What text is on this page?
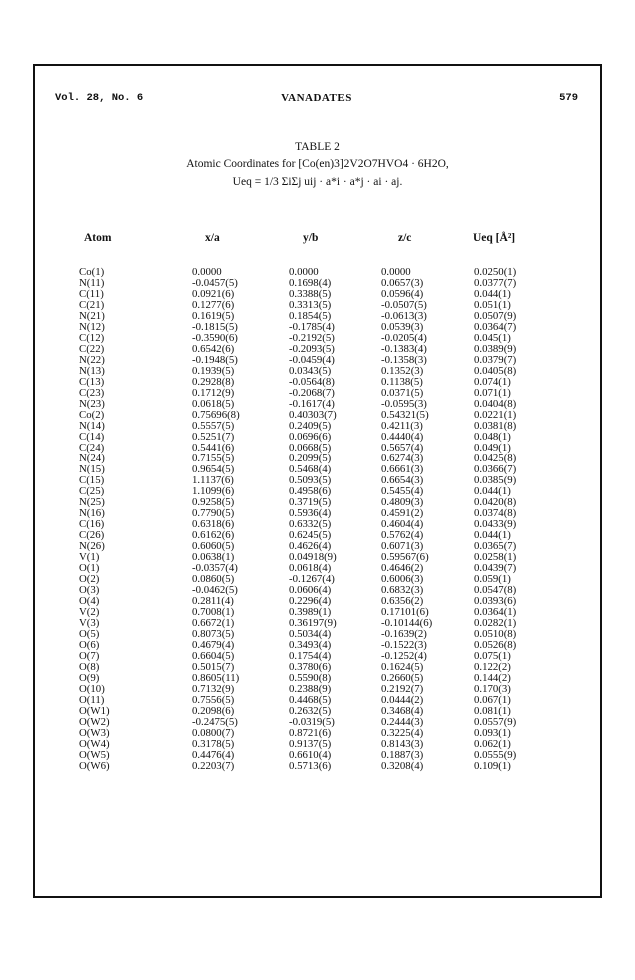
Vol. 28, No. 6	VANADATES	579
TABLE 2
Atomic Coordinates for [Co(en)3]2V2O7HVO4 · 6H2O,
Ueq = 1/3 ΣiΣj uij · a*i · a*j · ai · aj.
Atom	x/a	y/b	z/c	Ueq [Å²]
Co(1)	0.0000	0.0000	0.0000	0.0250(1)
N(11)	-0.0457(5)	0.1698(4)	0.0657(3)	0.0377(7)
C(11)	0.0921(6)	0.3388(5)	0.0596(4)	0.044(1)
C(21)	0.1277(6)	0.3313(5)	-0.0507(5)	0.051(1)
N(21)	0.1619(5)	0.1854(5)	-0.0613(3)	0.0507(9)
N(12)	-0.1815(5)	-0.1785(4)	0.0539(3)	0.0364(7)
C(12)	-0.3590(6)	-0.2192(5)	-0.0205(4)	0.045(1)
C(22)	0.6542(6)	-0.2093(5)	-0.1383(4)	0.0389(9)
N(22)	-0.1948(5)	-0.0459(4)	-0.1358(3)	0.0379(7)
N(13)	0.1939(5)	0.0343(5)	0.1352(3)	0.0405(8)
C(13)	0.2928(8)	-0.0564(8)	0.1138(5)	0.074(1)
C(23)	0.1712(9)	-0.2068(7)	0.0371(5)	0.071(1)
N(23)	0.0618(5)	-0.1617(4)	-0.0595(3)	0.0404(8)
Co(2)	0.75696(8)	0.40303(7)	0.54321(5)	0.0221(1)
N(14)	0.5557(5)	0.2409(5)	0.4211(3)	0.0381(8)
C(14)	0.5251(7)	0.0696(6)	0.4440(4)	0.048(1)
C(24)	0.5441(6)	0.0668(5)	0.5657(4)	0.049(1)
N(24)	0.7155(5)	0.2099(5)	0.6274(3)	0.0425(8)
N(15)	0.9654(5)	0.5468(4)	0.6661(3)	0.0366(7)
C(15)	1.1137(6)	0.5093(5)	0.6654(3)	0.0385(9)
C(25)	1.1099(6)	0.4958(6)	0.5455(4)	0.044(1)
N(25)	0.9258(5)	0.3719(5)	0.4809(3)	0.0420(8)
N(16)	0.7790(5)	0.5936(4)	0.4591(2)	0.0374(8)
C(16)	0.6318(6)	0.6332(5)	0.4604(4)	0.0433(9)
C(26)	0.6162(6)	0.6245(5)	0.5762(4)	0.044(1)
N(26)	0.6060(5)	0.4626(4)	0.6071(3)	0.0365(7)
V(1)	0.0638(1)	0.04918(9)	0.59567(6)	0.0258(1)
O(1)	-0.0357(4)	0.0618(4)	0.4646(2)	0.0439(7)
O(2)	0.0860(5)	-0.1267(4)	0.6006(3)	0.059(1)
O(3)	-0.0462(5)	0.0606(4)	0.6832(3)	0.0547(8)
O(4)	0.2811(4)	0.2296(4)	0.6356(2)	0.0393(6)
V(2)	0.7008(1)	0.3989(1)	0.17101(6)	0.0364(1)
V(3)	0.6672(1)	0.36197(9)	-0.10144(6)	0.0282(1)
O(5)	0.8073(5)	0.5034(4)	-0.1639(2)	0.0510(8)
O(6)	0.4679(4)	0.3493(4)	-0.1522(3)	0.0526(8)
O(7)	0.6604(5)	0.1754(4)	-0.1252(4)	0.075(1)
O(8)	0.5015(7)	0.3780(6)	0.1624(5)	0.122(2)
O(9)	0.8605(11)	0.5590(8)	0.2660(5)	0.144(2)
O(10)	0.7132(9)	0.2388(9)	0.2192(7)	0.170(3)
O(11)	0.7556(5)	0.4468(5)	0.0444(2)	0.067(1)
O(W1)	0.2098(6)	0.2632(5)	0.3468(4)	0.081(1)
O(W2)	-0.2475(5)	-0.0319(5)	0.2444(3)	0.0557(9)
O(W3)	0.0800(7)	0.8721(6)	0.3225(4)	0.093(1)
O(W4)	0.3178(5)	0.9137(5)	0.8143(3)	0.062(1)
O(W5)	0.4476(4)	0.6610(4)	0.1887(3)	0.0555(9)
O(W6)	0.2203(7)	0.5713(6)	0.3208(4)	0.109(1)
